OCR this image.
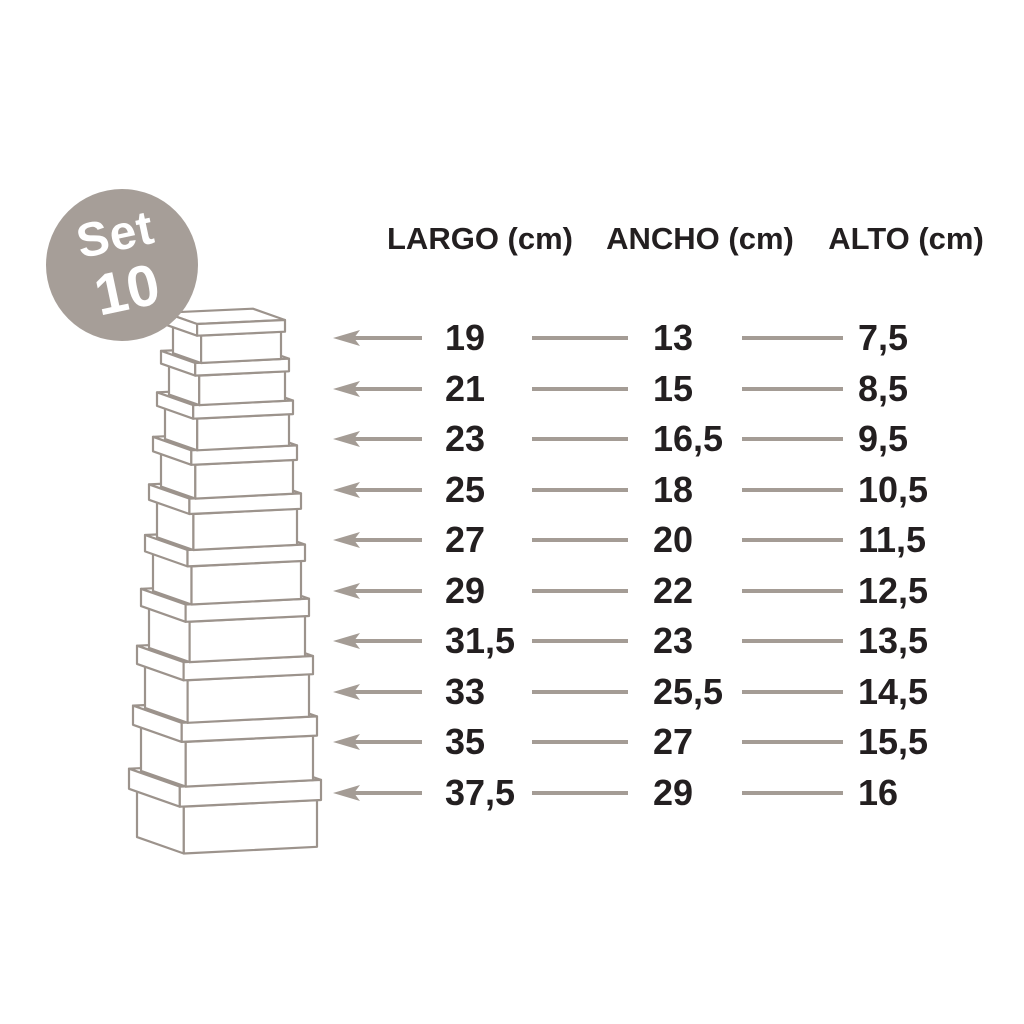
Set
10
LARGO (cm) ANCHO (cm) ALTO (cm)
19	13	7,5
21	15	8,5
23	16,5	9,5
25	18	10,5
27	20	11,5
29	22	12,5
31,5	23	13,5
33	25,5	14,5
35	27	15,5
37,5	29	16
